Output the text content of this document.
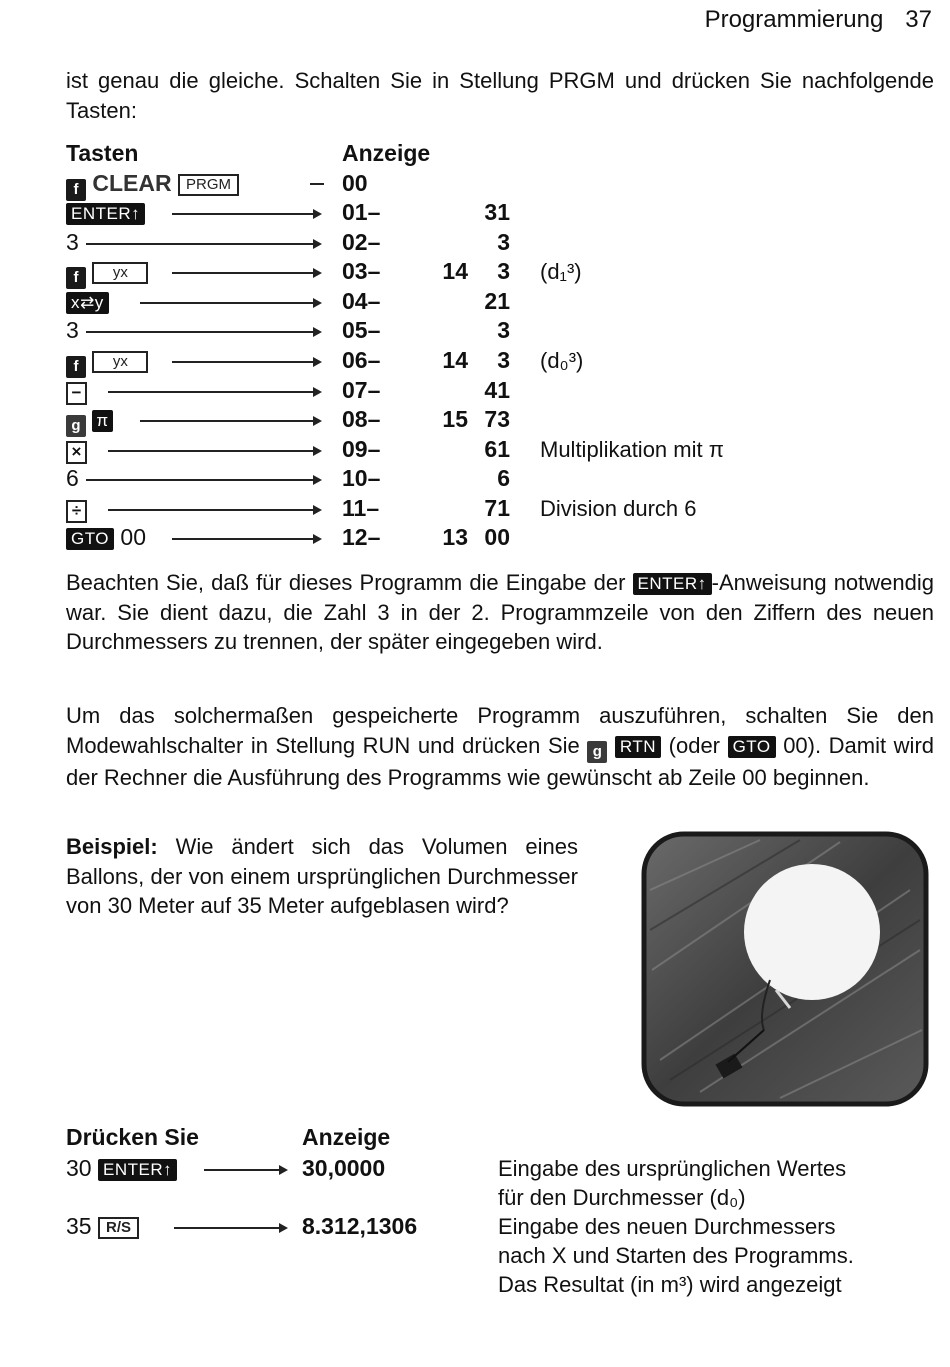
Programmierung 37
ist genau die gleiche. Schalten Sie in Stellung PRGM und drücken Sie nachfolgende Tasten:
Tasten	Anzeige
f CLEAR PRGM	00
ENTER↑	01–	31
3	02–	3
f yx	03–	14	3 (d₁³)
x⇄y	04–	21
3	05–	3
f yx	06–	14	3 (d₀³)
−	07–	41
g π	08–	15 73
×	09–	61 Multiplikation mit π
6	10–	6
÷	11–	71 Division durch 6
GTO 00	12–	13 00
Beachten Sie, daß für dieses Programm die Eingabe der ENTER↑ -Anweisung notwendig war. Sie dient dazu, die Zahl 3 in der 2. Programmzeile von den Ziffern des neuen Durchmessers zu trennen, der später eingegeben wird.
Um das solchermaßen gespeicherte Programm auszuführen, schalten Sie den Modewahlschalter in Stellung RUN und drücken Sie g RTN (oder GTO 00). Damit wird der Rechner die Ausführung des Programms wie gewünscht ab Zeile 00 beginnen.
Beispiel: Wie ändert sich das Volumen eines Ballons, der von einem ursprünglichen Durchmesser von 30 Meter auf 35 Meter aufgeblasen wird?
Drücken Sie	Anzeige
30 ENTER↑	30,0000	Eingabe des ursprünglichen Wertes
für den Durchmesser (d₀)
35 R/S	8.312,1306	Eingabe des neuen Durchmessers
nach X und Starten des Programms.
Das Resultat (in m³) wird angezeigt
